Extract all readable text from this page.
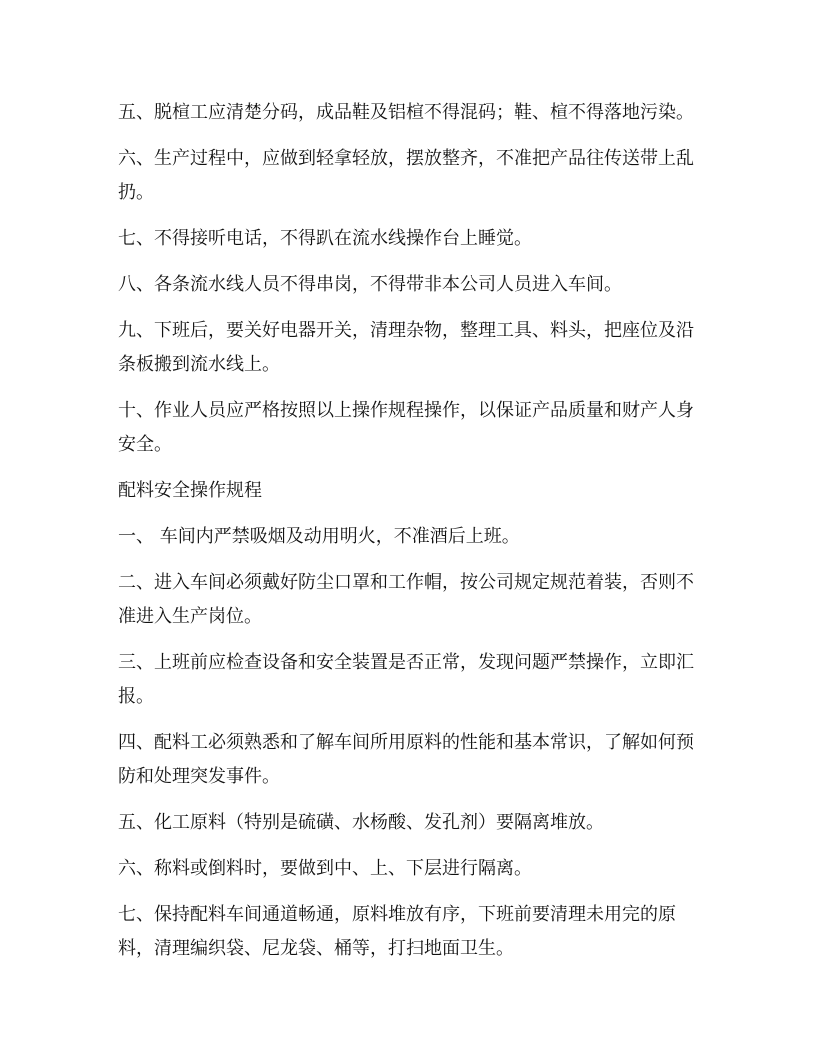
五、脱楦工应清楚分码，成品鞋及铝楦不得混码；鞋、楦不得落地污染。

六、生产过程中，应做到轻拿轻放，摆放整齐，不准把产品往传送带上乱扔。

七、不得接听电话，不得趴在流水线操作台上睡觉。

八、各条流水线人员不得串岗，不得带非本公司人员进入车间。

九、下班后，要关好电器开关，清理杂物，整理工具、料头，把座位及沿条板搬到流水线上。

十、作业人员应严格按照以上操作规程操作，以保证产品质量和财产人身安全。

配料安全操作规程

一、 车间内严禁吸烟及动用明火，不准酒后上班。

二、进入车间必须戴好防尘口罩和工作帽，按公司规定规范着装，否则不准进入生产岗位。

三、上班前应检查设备和安全装置是否正常，发现问题严禁操作，立即汇报。

四、配料工必须熟悉和了解车间所用原料的性能和基本常识，了解如何预防和处理突发事件。

五、化工原料（特别是硫磺、水杨酸、发孔剂）要隔离堆放。

六、称料或倒料时，要做到中、上、下层进行隔离。

七、保持配料车间通道畅通，原料堆放有序，下班前要清理未用完的原料，清理编织袋、尼龙袋、桶等，打扫地面卫生。
